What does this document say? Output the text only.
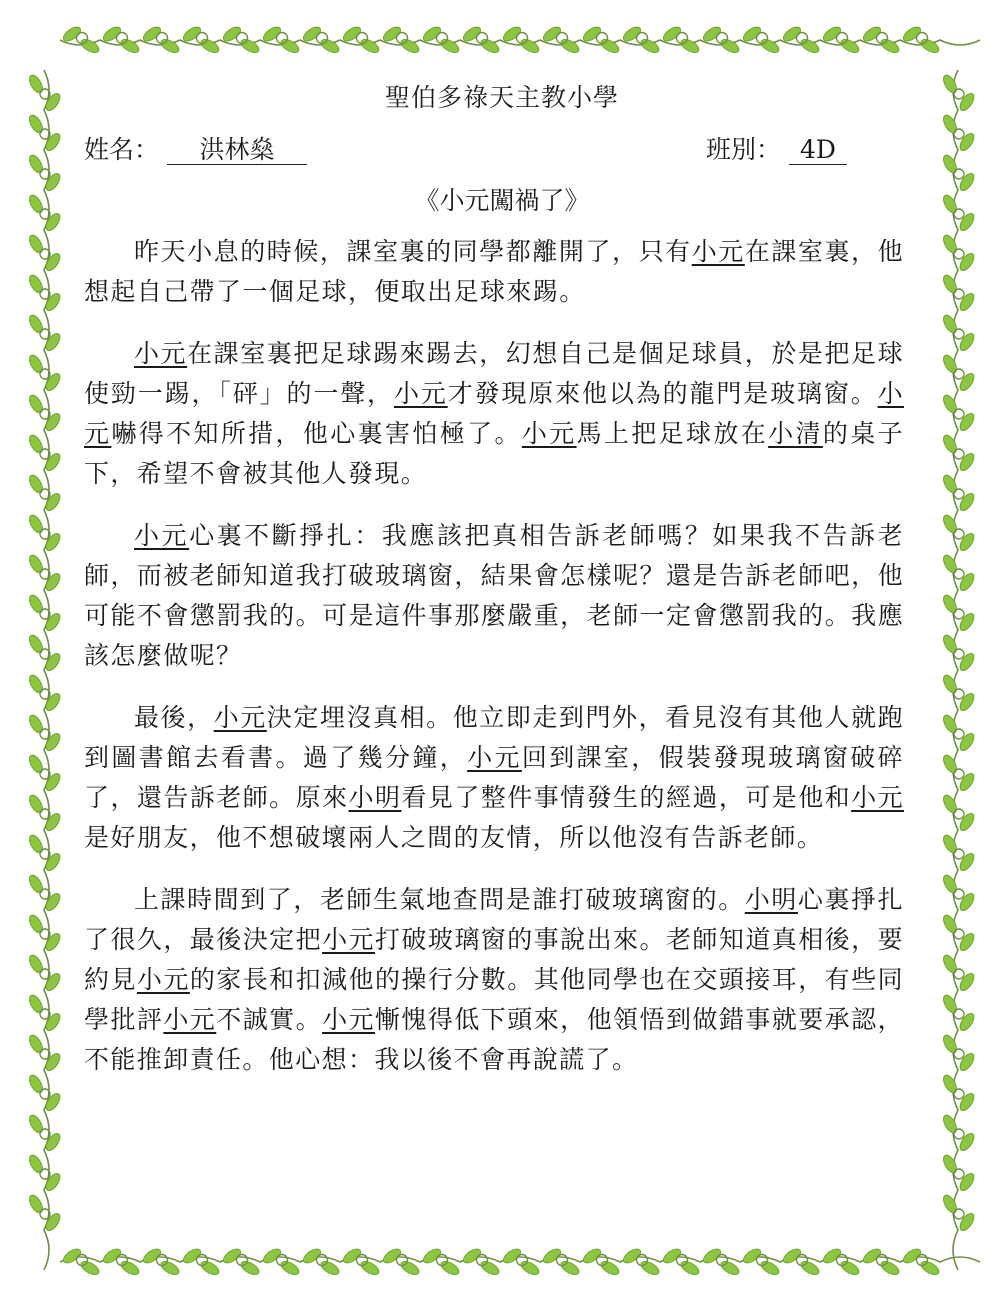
聖伯多祿天主教小學
姓名： 洪林燊	班別： 4D
《小元闖禍了》

昨天小息的時候，課室裏的同學都離開了，只有小元在課室裏，他想起自己帶了一個足球，便取出足球來踢。

小元在課室裏把足球踢來踢去，幻想自己是個足球員，於是把足球使勁一踢，「砰」的一聲，小元才發現原來他以為的龍門是玻璃窗。小元嚇得不知所措，他心裏害怕極了。小元馬上把足球放在小清的桌子下，希望不會被其他人發現。

小元心裏不斷掙扎：我應該把真相告訴老師嗎？如果我不告訴老師，而被老師知道我打破玻璃窗，結果會怎樣呢？還是告訴老師吧，他可能不會懲罰我的。可是這件事那麼嚴重，老師一定會懲罰我的。我應該怎麼做呢？

最後，小元決定埋沒真相。他立即走到門外，看見沒有其他人就跑到圖書館去看書。過了幾分鐘，小元回到課室，假裝發現玻璃窗破碎了，還告訴老師。原來小明看見了整件事情發生的經過，可是他和小元是好朋友，他不想破壞兩人之間的友情，所以他沒有告訴老師。

上課時間到了，老師生氣地查問是誰打破玻璃窗的。小明心裏掙扎了很久，最後決定把小元打破玻璃窗的事說出來。老師知道真相後，要約見小元的家長和扣減他的操行分數。其他同學也在交頭接耳，有些同學批評小元不誠實。小元慚愧得低下頭來，他領悟到做錯事就要承認，不能推卸責任。他心想：我以後不會再說謊了。
